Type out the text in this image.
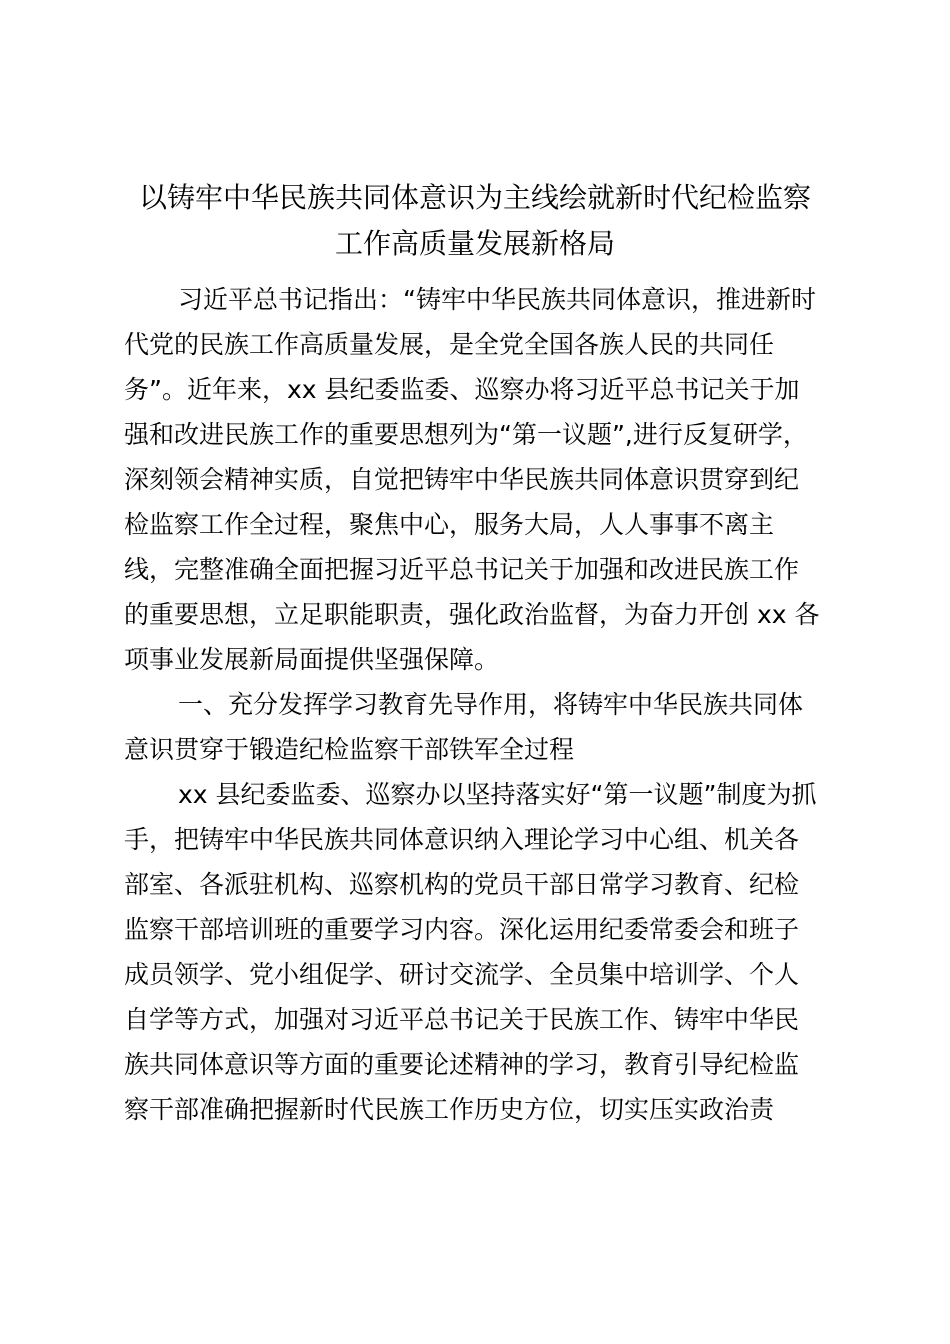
以铸牢中华民族共同体意识为主线绘就新时代纪检监察
工作高质量发展新格局

习近平总书记指出：“铸牢中华民族共同体意识，推进新时

代党的民族工作高质量发展，是全党全国各族人民的共同任

务”。近年来，xx 县纪委监委、巡察办将习近平总书记关于加

强和改进民族工作的重要思想列为“第一议题”,进行反复研学，

深刻领会精神实质，自觉把铸牢中华民族共同体意识贯穿到纪

检监察工作全过程，聚焦中心，服务大局，人人事事不离主

线，完整准确全面把握习近平总书记关于加强和改进民族工作

的重要思想，立足职能职责，强化政治监督，为奋力开创 xx 各

项事业发展新局面提供坚强保障。

一、充分发挥学习教育先导作用，将铸牢中华民族共同体

意识贯穿于锻造纪检监察干部铁军全过程

xx 县纪委监委、巡察办以坚持落实好“第一议题”制度为抓

手，把铸牢中华民族共同体意识纳入理论学习中心组、机关各

部室、各派驻机构、巡察机构的党员干部日常学习教育、纪检

监察干部培训班的重要学习内容。深化运用纪委常委会和班子

成员领学、党小组促学、研讨交流学、全员集中培训学、个人

自学等方式，加强对习近平总书记关于民族工作、铸牢中华民

族共同体意识等方面的重要论述精神的学习，教育引导纪检监

察干部准确把握新时代民族工作历史方位，切实压实政治责
